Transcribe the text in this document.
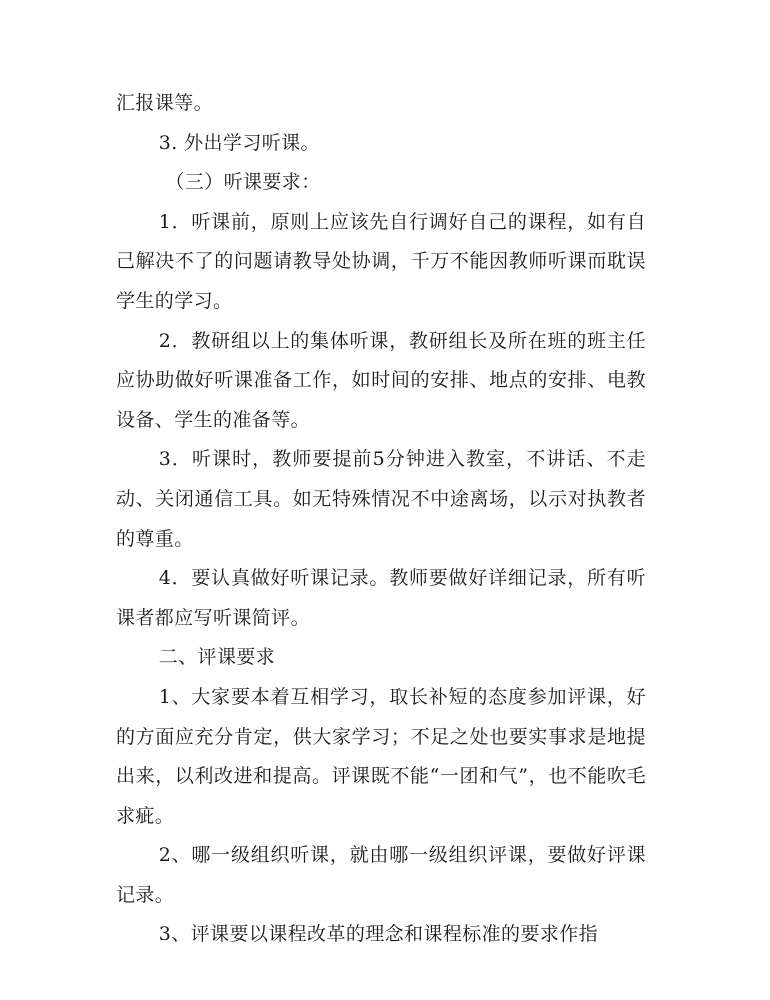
汇报课等。

3. 外出学习听课。

（三）听课要求：

1．听课前，原则上应该先自行调好自己的课程，如有自己解决不了的问题请教导处协调，千万不能因教师听课而耽误学生的学习。

2．教研组以上的集体听课，教研组长及所在班的班主任应协助做好听课准备工作，如时间的安排、地点的安排、电教设备、学生的准备等。

3．听课时，教师要提前5分钟进入教室，不讲话、不走动、关闭通信工具。如无特殊情况不中途离场，以示对执教者的尊重。

4．要认真做好听课记录。教师要做好详细记录，所有听课者都应写听课简评。

二、评课要求

1、大家要本着互相学习，取长补短的态度参加评课，好的方面应充分肯定，供大家学习；不足之处也要实事求是地提出来，以利改进和提高。评课既不能“一团和气”，也不能吹毛求疵。

2、哪一级组织听课，就由哪一级组织评课，要做好评课记录。

3、评课要以课程改革的理念和课程标准的要求作指
